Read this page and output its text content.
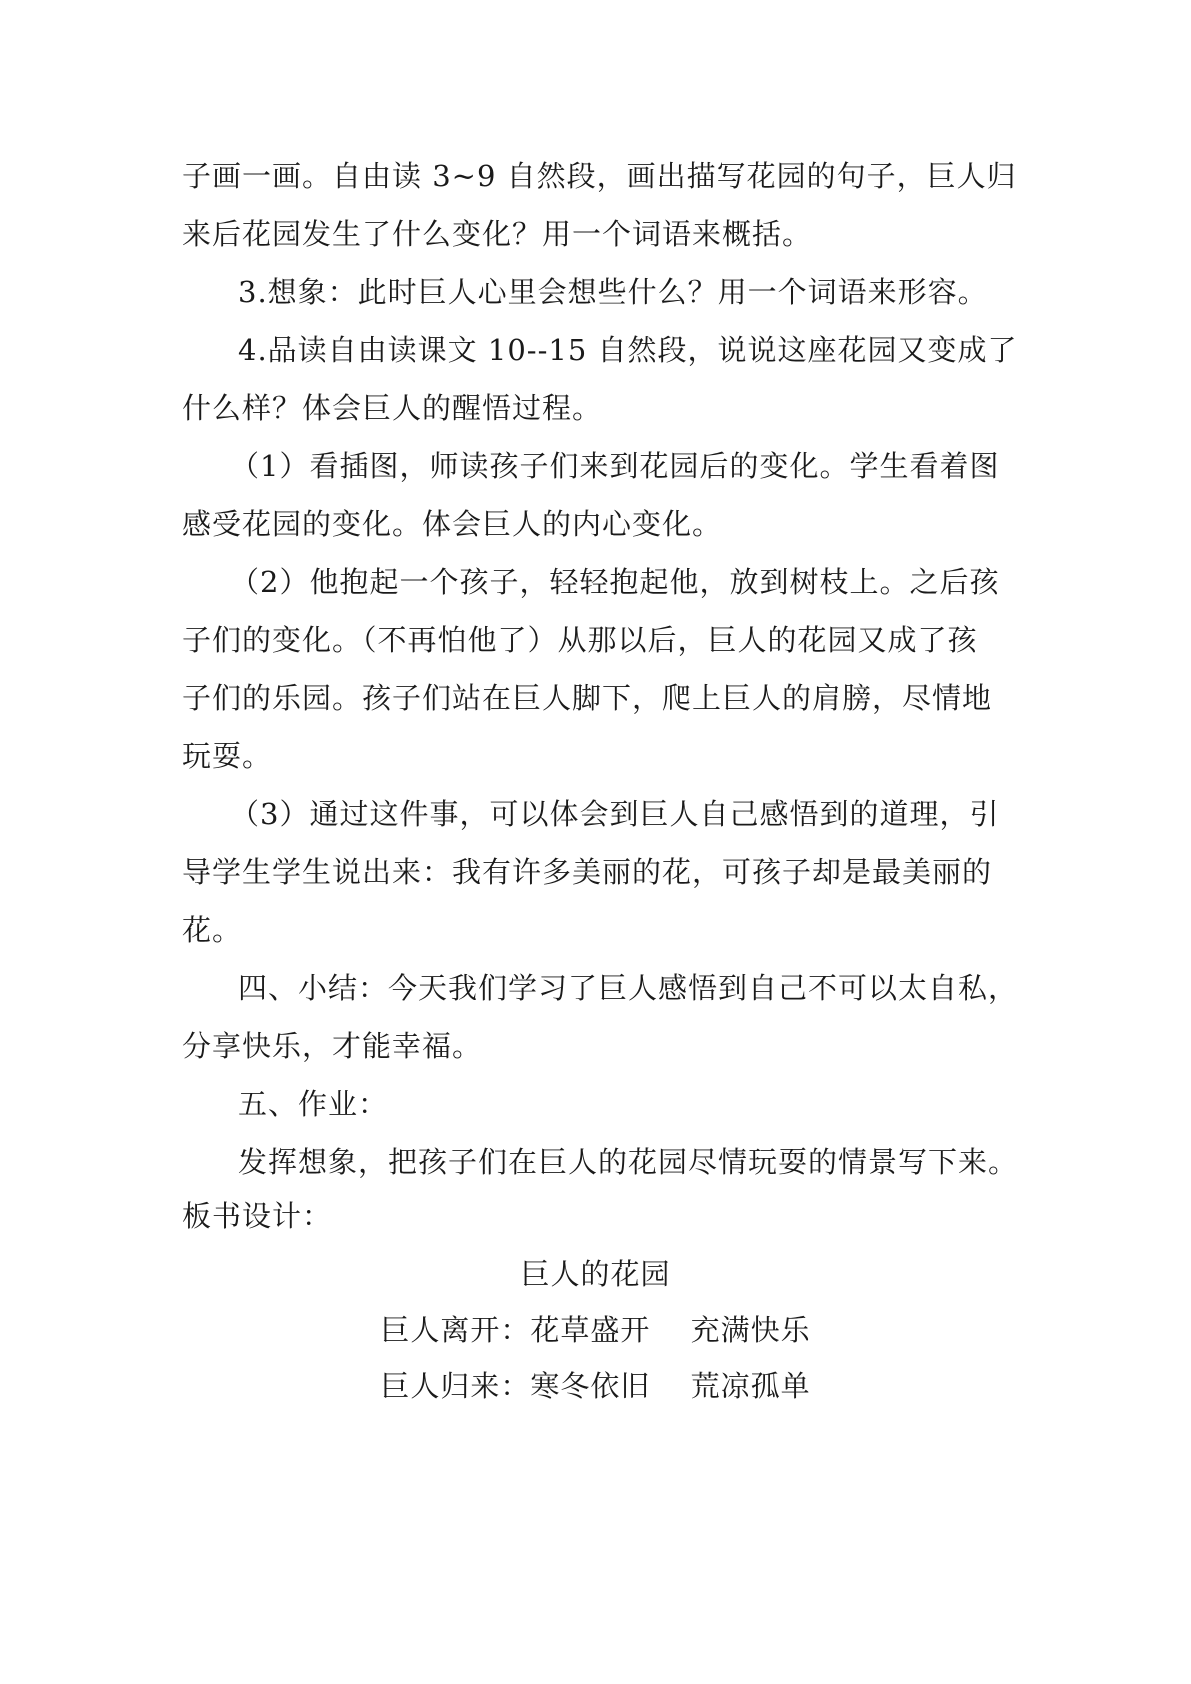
子画一画。自由读 3~9 自然段，画出描写花园的句子，巨人归
来后花园发生了什么变化？用一个词语来概括。
3.想象：此时巨人心里会想些什么？用一个词语来形容。
4.品读自由读课文 10--15 自然段，说说这座花园又变成了
什么样？体会巨人的醒悟过程。
（1）看插图，师读孩子们来到花园后的变化。学生看着图
感受花园的变化。体会巨人的内心变化。
（2）他抱起一个孩子，轻轻抱起他，放到树枝上。之后孩
子们的变化。（不再怕他了）从那以后，巨人的花园又成了孩
子们的乐园。孩子们站在巨人脚下，爬上巨人的肩膀，尽情地
玩耍。
（3）通过这件事，可以体会到巨人自己感悟到的道理，引
导学生学生说出来：我有许多美丽的花，可孩子却是最美丽的
花。
四、小结：今天我们学习了巨人感悟到自己不可以太自私，
分享快乐，才能幸福。
五、作业：
发挥想象，把孩子们在巨人的花园尽情玩耍的情景写下来。
板书设计：
巨人的花园
巨人离开：花草盛开　 充满快乐
巨人归来：寒冬依旧　 荒凉孤单
